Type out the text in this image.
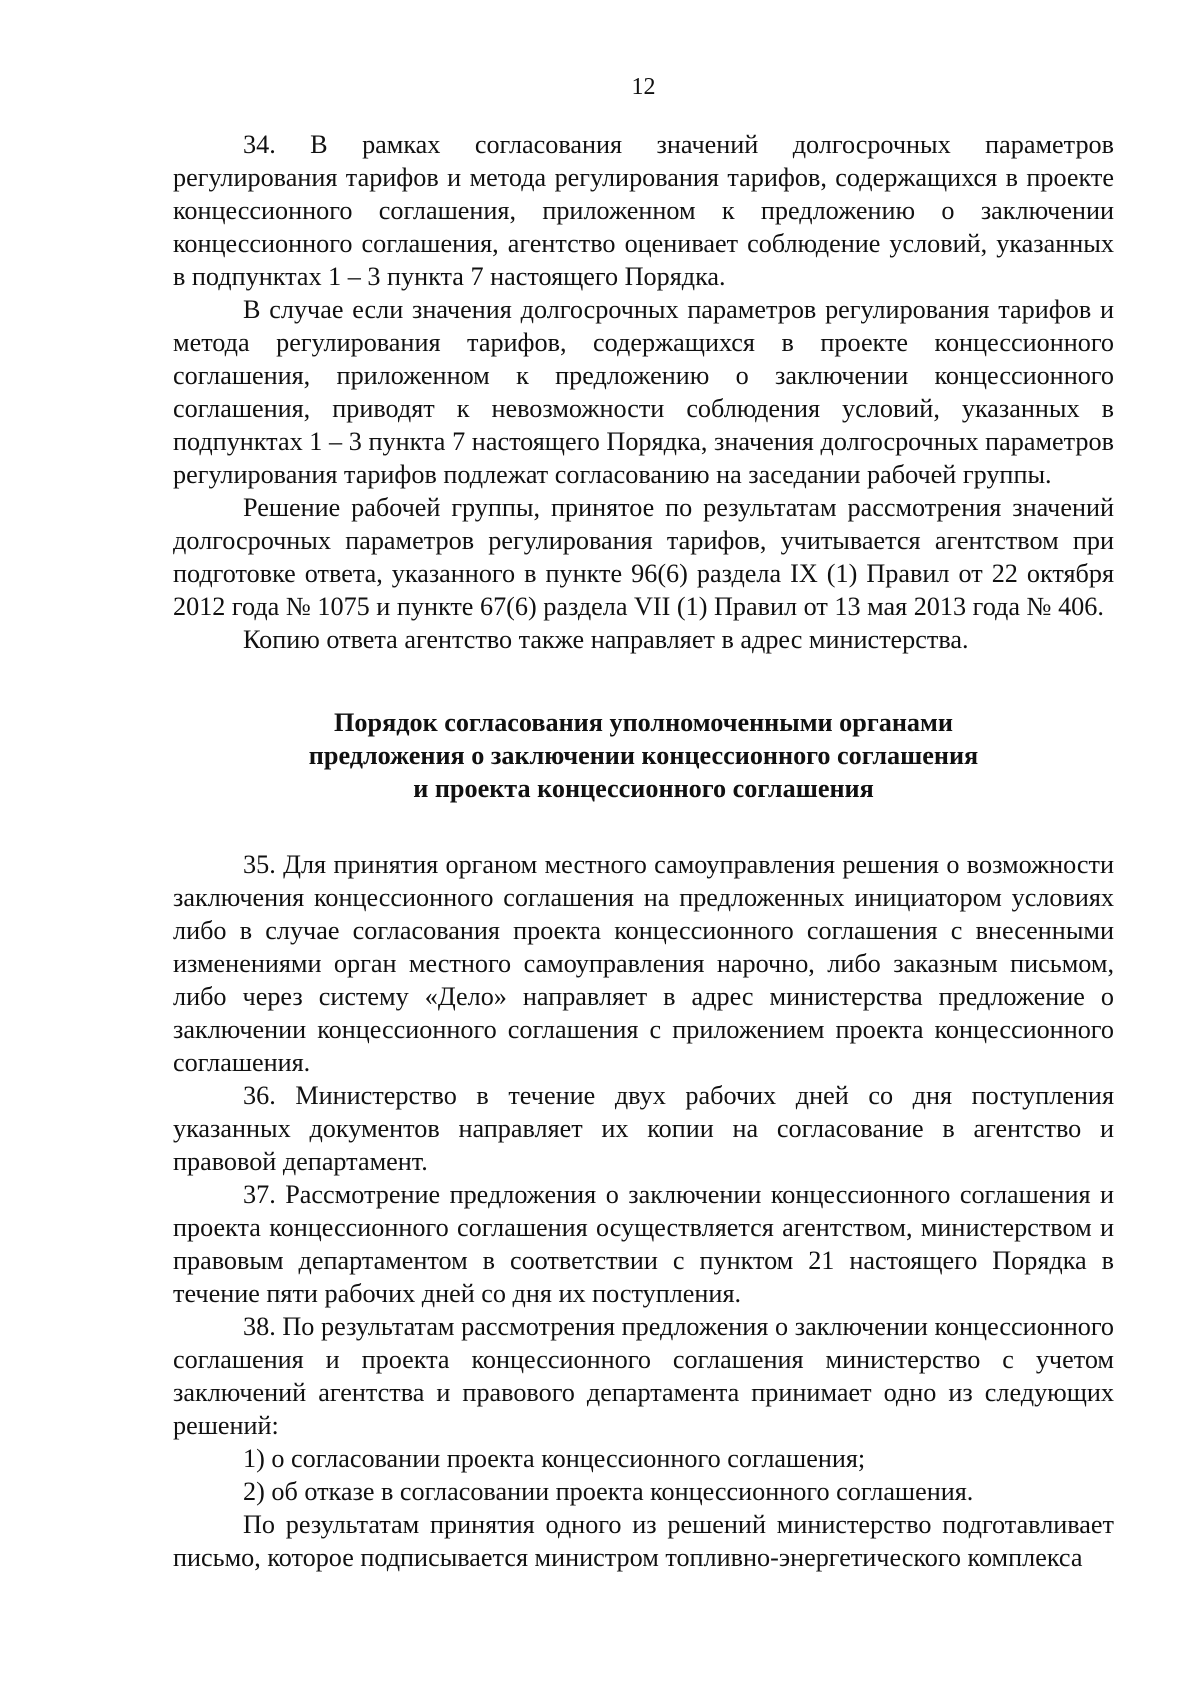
12

34. В рамках согласования значений долгосрочных параметров регулирования тарифов и метода регулирования тарифов, содержащихся в проекте концессионного соглашения, приложенном к предложению о заключении концессионного соглашения, агентство оценивает соблюдение условий, указанных в подпунктах 1 – 3 пункта 7 настоящего Порядка.

В случае если значения долгосрочных параметров регулирования тарифов и метода регулирования тарифов, содержащихся в проекте концессионного соглашения, приложенном к предложению о заключении концессионного соглашения, приводят к невозможности соблюдения условий, указанных в подпунктах 1 – 3 пункта 7 настоящего Порядка, значения долгосрочных параметров регулирования тарифов подлежат согласованию на заседании рабочей группы.

Решение рабочей группы, принятое по результатам рассмотрения значений долгосрочных параметров регулирования тарифов, учитывается агентством при подготовке ответа, указанного в пункте 96(6) раздела IX (1) Правил от 22 октября 2012 года № 1075 и пункте 67(6) раздела VII (1) Правил от 13 мая 2013 года № 406.

Копию ответа агентство также направляет в адрес министерства.

Порядок согласования уполномоченными органами
предложения о заключении концессионного соглашения
и проекта концессионного соглашения

35. Для принятия органом местного самоуправления решения о возможности заключения концессионного соглашения на предложенных инициатором условиях либо в случае согласования проекта концессионного соглашения с внесенными изменениями орган местного самоуправления нарочно, либо заказным письмом, либо через систему «Дело» направляет в адрес министерства предложение о заключении концессионного соглашения с приложением проекта концессионного соглашения.

36. Министерство в течение двух рабочих дней со дня поступления указанных документов направляет их копии на согласование в агентство и правовой департамент.

37. Рассмотрение предложения о заключении концессионного соглашения и проекта концессионного соглашения осуществляется агентством, министерством и правовым департаментом в соответствии с пунктом 21 настоящего Порядка в течение пяти рабочих дней со дня их поступления.

38. По результатам рассмотрения предложения о заключении концессионного соглашения и проекта концессионного соглашения министерство с учетом заключений агентства и правового департамента принимает одно из следующих решений:

1) о согласовании проекта концессионного соглашения;

2) об отказе в согласовании проекта концессионного соглашения.

По результатам принятия одного из решений министерство подготавливает письмо, которое подписывается министром топливно-энергетического комплекса
